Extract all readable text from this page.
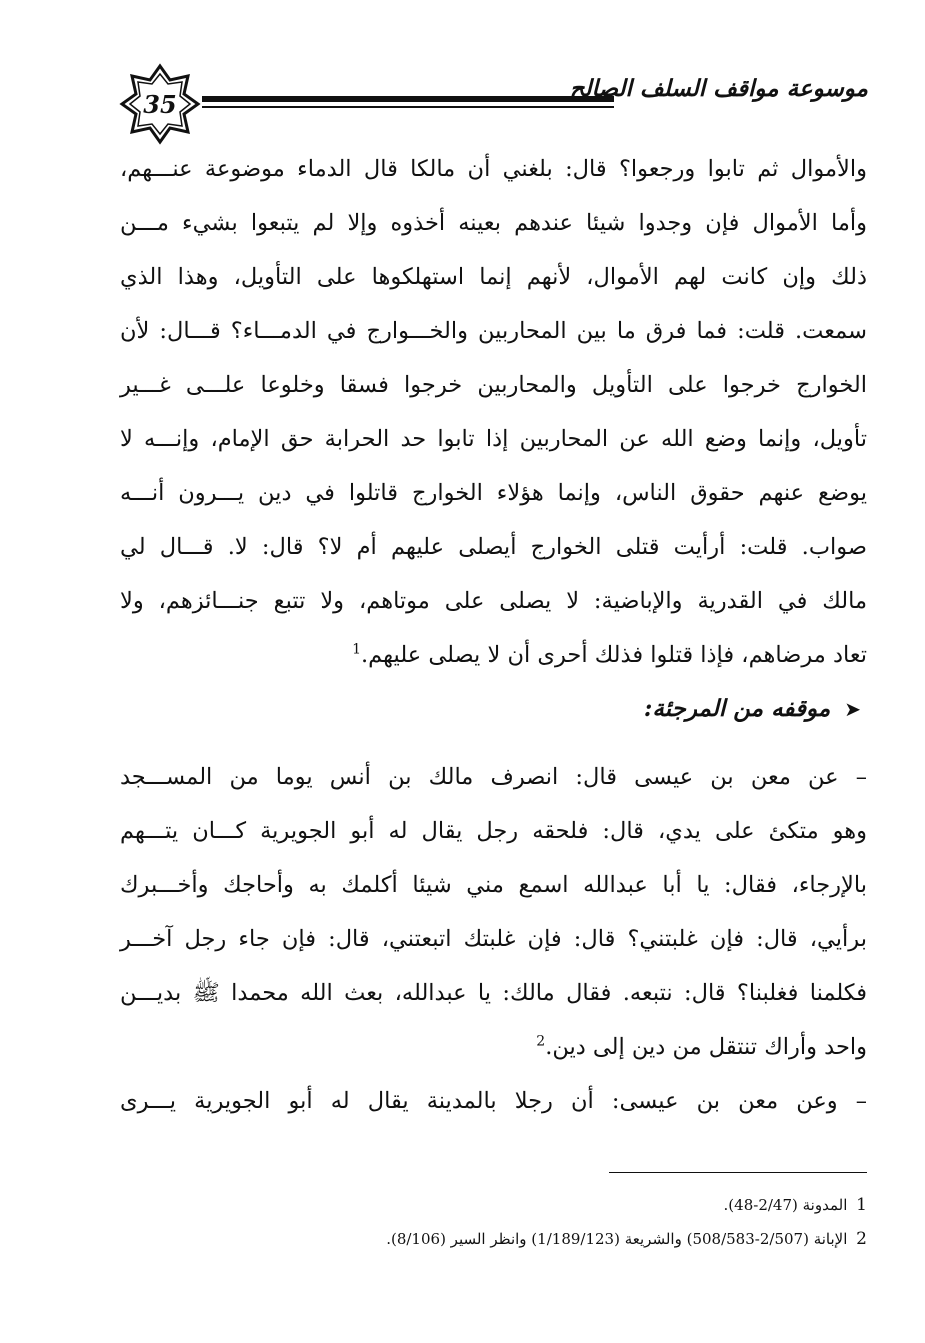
35
موسوعة مواقف السلف الصالح
والأموال ثم تابوا ورجعوا؟ قال: بلغني أن مالكا قال الدماء موضوعة عنـــهم،
وأما الأموال فإن وجدوا شيئا عندهم بعينه أخذوه وإلا لم يتبعوا بشيء مـــن
ذلك وإن كانت لهم الأموال، لأنهم إنما استهلكوها على التأويل، وهذا الذي
سمعت. قلت: فما فرق ما بين المحاربين والخـــوارج في الدمـــاء؟ قـــال: لأن
الخوارج خرجوا على التأويل والمحاربين خرجوا فسقا وخلوعا علـــى غـــير
تأويل، وإنما وضع الله عن المحاربين إذا تابوا حد الحرابة حق الإمام، وإنـــه لا
يوضع عنهم حقوق الناس، وإنما هؤلاء الخوارج قاتلوا في دين يـــرون أنـــه
صواب. قلت: أرأيت قتلى الخوارج أيصلى عليهم أم لا؟ قال: لا. قـــال لي
مالك في القدرية والإباضية: لا يصلى على موتاهم، ولا تتبع جنـــائزهم، ولا
تعاد مرضاهم، فإذا قتلوا فذلك أحرى أن لا يصلى عليهم.$^1$
➤موقفه من المرجئة:
– عن معن بن عيسى قال: انصرف مالك بن أنس يوما من المســـجد
وهو متكئ على يدي، قال: فلحقه رجل يقال له أبو الجويرية كـــان يتـــهم
بالإرجاء، فقال: يا أبا عبدالله اسمع مني شيئا أكلمك به وأحاجك وأخـــبرك
برأيي، قال: فإن غلبتني؟ قال: فإن غلبتك اتبعتني، قال: فإن جاء رجل آخـــر
فكلمنا فغلبنا؟ قال: نتبعه. فقال مالك: يا عبدالله، بعث الله محمدا ﷺ بديـــن
واحد وأراك تنتقل من دين إلى دين.$^2$
– وعن معن بن عيسى: أن رجلا بالمدينة يقال له أبو الجويرية يـــرى
1 المدونة (2/47-48).
2 الإبانة (2/507-508/583) والشريعة (1/189/123) وانظر السير (8/106).
